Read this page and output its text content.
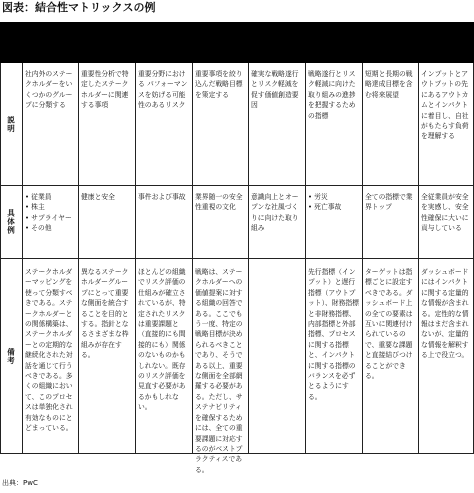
図表：結合性マトリックスの例
説明
具体例
備考
社内外のステークホルダーをいくつかのグループに分類する
重要性分析で特定したステークホルダーに関連する事項
重要分野における パフォーマンスを妨げる可能性のあるリスク
重要事項を絞り込んだ戦略目標を策定する
確実な戦略遂行とリスク軽減を促す価値創造要因
戦略遂行とリスク軽減に向けた取り組みの進捗を把握するための指標
短期と長期の戦略達成目標を含む将来展望
インプットとアウトプットの先にあるアウトカムとインパクトに着目し、自社がもたらす負荷を理解する
• 従業員
• 株主
• サプライヤー
• その他
健康と安全	事件および事故	業界随一の安全性重視の文化
意識向上とオープンな社風づくりに向けた取り組み
• 労災
• 死亡事故
全ての指標で業界トップ
全従業員が安全を実感し、安全性確保に大いに貢与している
ステークホルダーマッピングを使って分類すべきである。ステークホルダーとの関係構築は、ステークホルダーとの定期的な継続化された対話を通じて行うべきである。多くの組織において、このプロセスは単独化され有効なものにとどまっている。
異なるステークホルダーグループにとって重要な側面を統合することを目的とする。指針となるさまざまな枠組みが存在する。
ほとんどの組織でリスク評価の仕組みが確立されているが、特定されたリスクは重要課題と（直接的にも間接的にも）関係のないものかもしれない。既存のリスク評価を見直す必要があるかもしれない。
戦略は、ステークホルダーへの価値提案に対する組織の回答である。ここでもう一度、特定の戦略目標が決められるべきことであり、そうである以上、重要な側面を全部網羅する必要がある。ただし、サステナビリティを確保するためには、全ての重要課題に対応するのがベストプラクティスである。
先行指標（インプット）と遅行指標（アウトプット）、財務指標と非財務指標、内部指標と外部指標、プロセスに関する指標と、インパクトに関する指標のバランスを必ずとるようにする。
ターゲットは指標ごとに設定すべきである。ダッシュボード上の全ての要素は互いに関連付けられているので、重要な課題と直接結びつけることができる。
ダッシュボードにはインパクトに関する定量的な情報が含まれる。定性的な情報はまだ含まれないが、定量的な情報を解釈する上で役立つ。
出典：PwC
